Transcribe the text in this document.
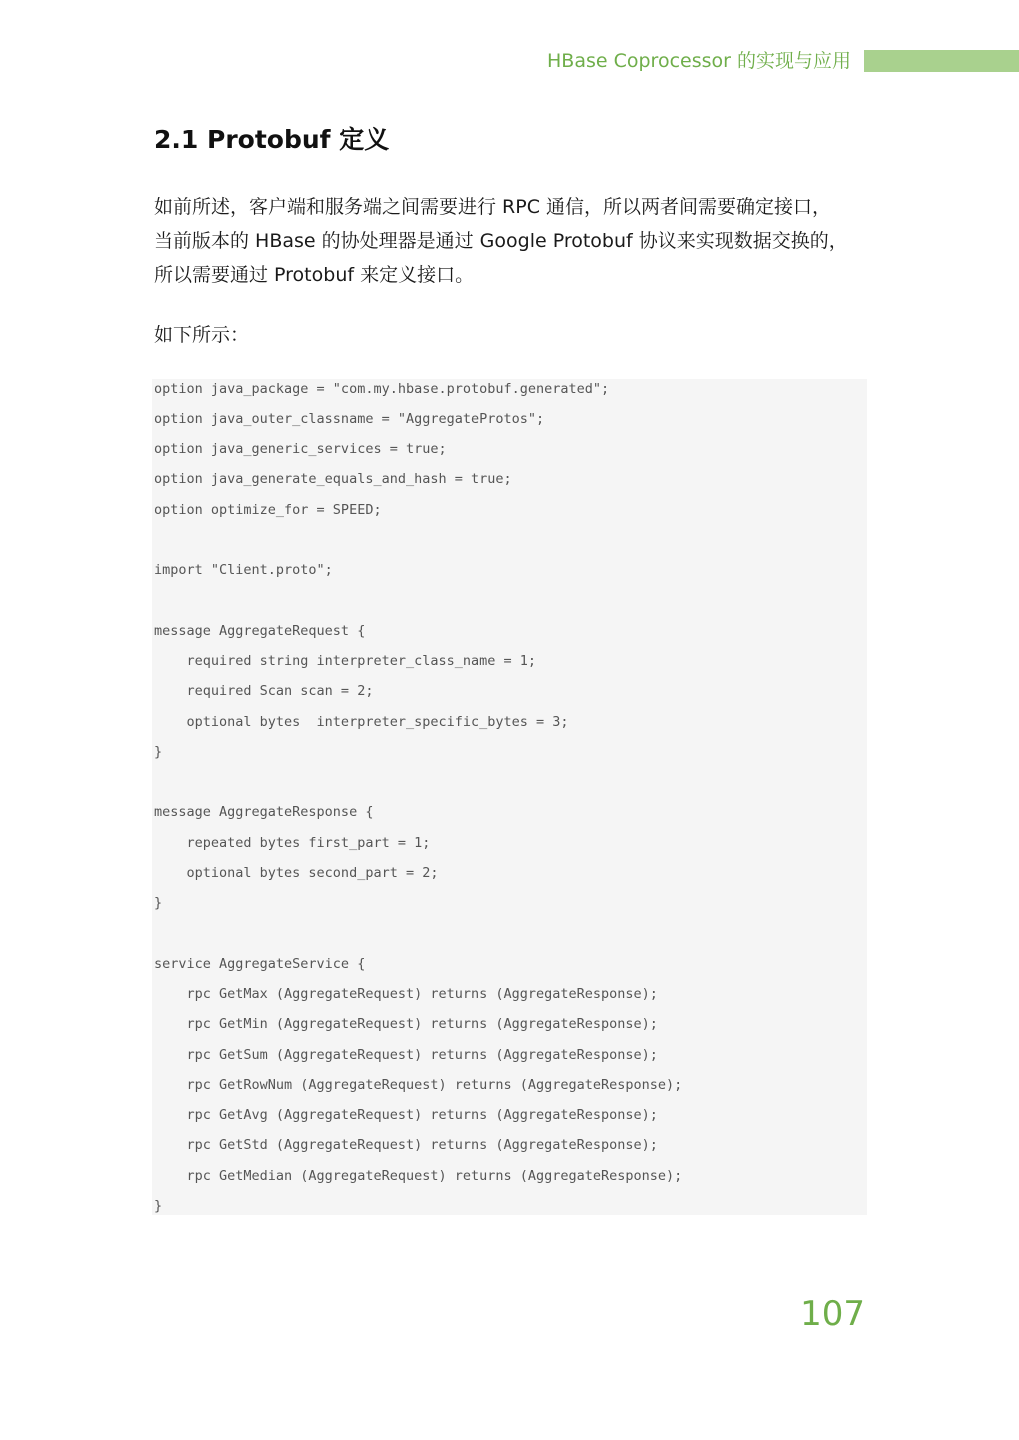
HBase Coprocessor 的实现与应用
2.1 Protobuf 定义

如前所述，客户端和服务端之间需要进行 RPC 通信，所以两者间需要确定接口，

当前版本的 HBase 的协处理器是通过 Google Protobuf 协议来实现数据交换的，

所以需要通过 Protobuf 来定义接口。

如下所示：
option java_package = "com.my.hbase.protobuf.generated";
option java_outer_classname = "AggregateProtos";
option java_generic_services = true;
option java_generate_equals_and_hash = true;
option optimize_for = SPEED;
import "Client.proto";
message AggregateRequest {
required string interpreter_class_name = 1;
required Scan scan = 2;
optional bytes  interpreter_specific_bytes = 3;
}
message AggregateResponse {
repeated bytes first_part = 1;
optional bytes second_part = 2;
}
service AggregateService {
rpc GetMax (AggregateRequest) returns (AggregateResponse);
rpc GetMin (AggregateRequest) returns (AggregateResponse);
rpc GetSum (AggregateRequest) returns (AggregateResponse);
rpc GetRowNum (AggregateRequest) returns (AggregateResponse);
rpc GetAvg (AggregateRequest) returns (AggregateResponse);
rpc GetStd (AggregateRequest) returns (AggregateResponse);
rpc GetMedian (AggregateRequest) returns (AggregateResponse);
}
107
